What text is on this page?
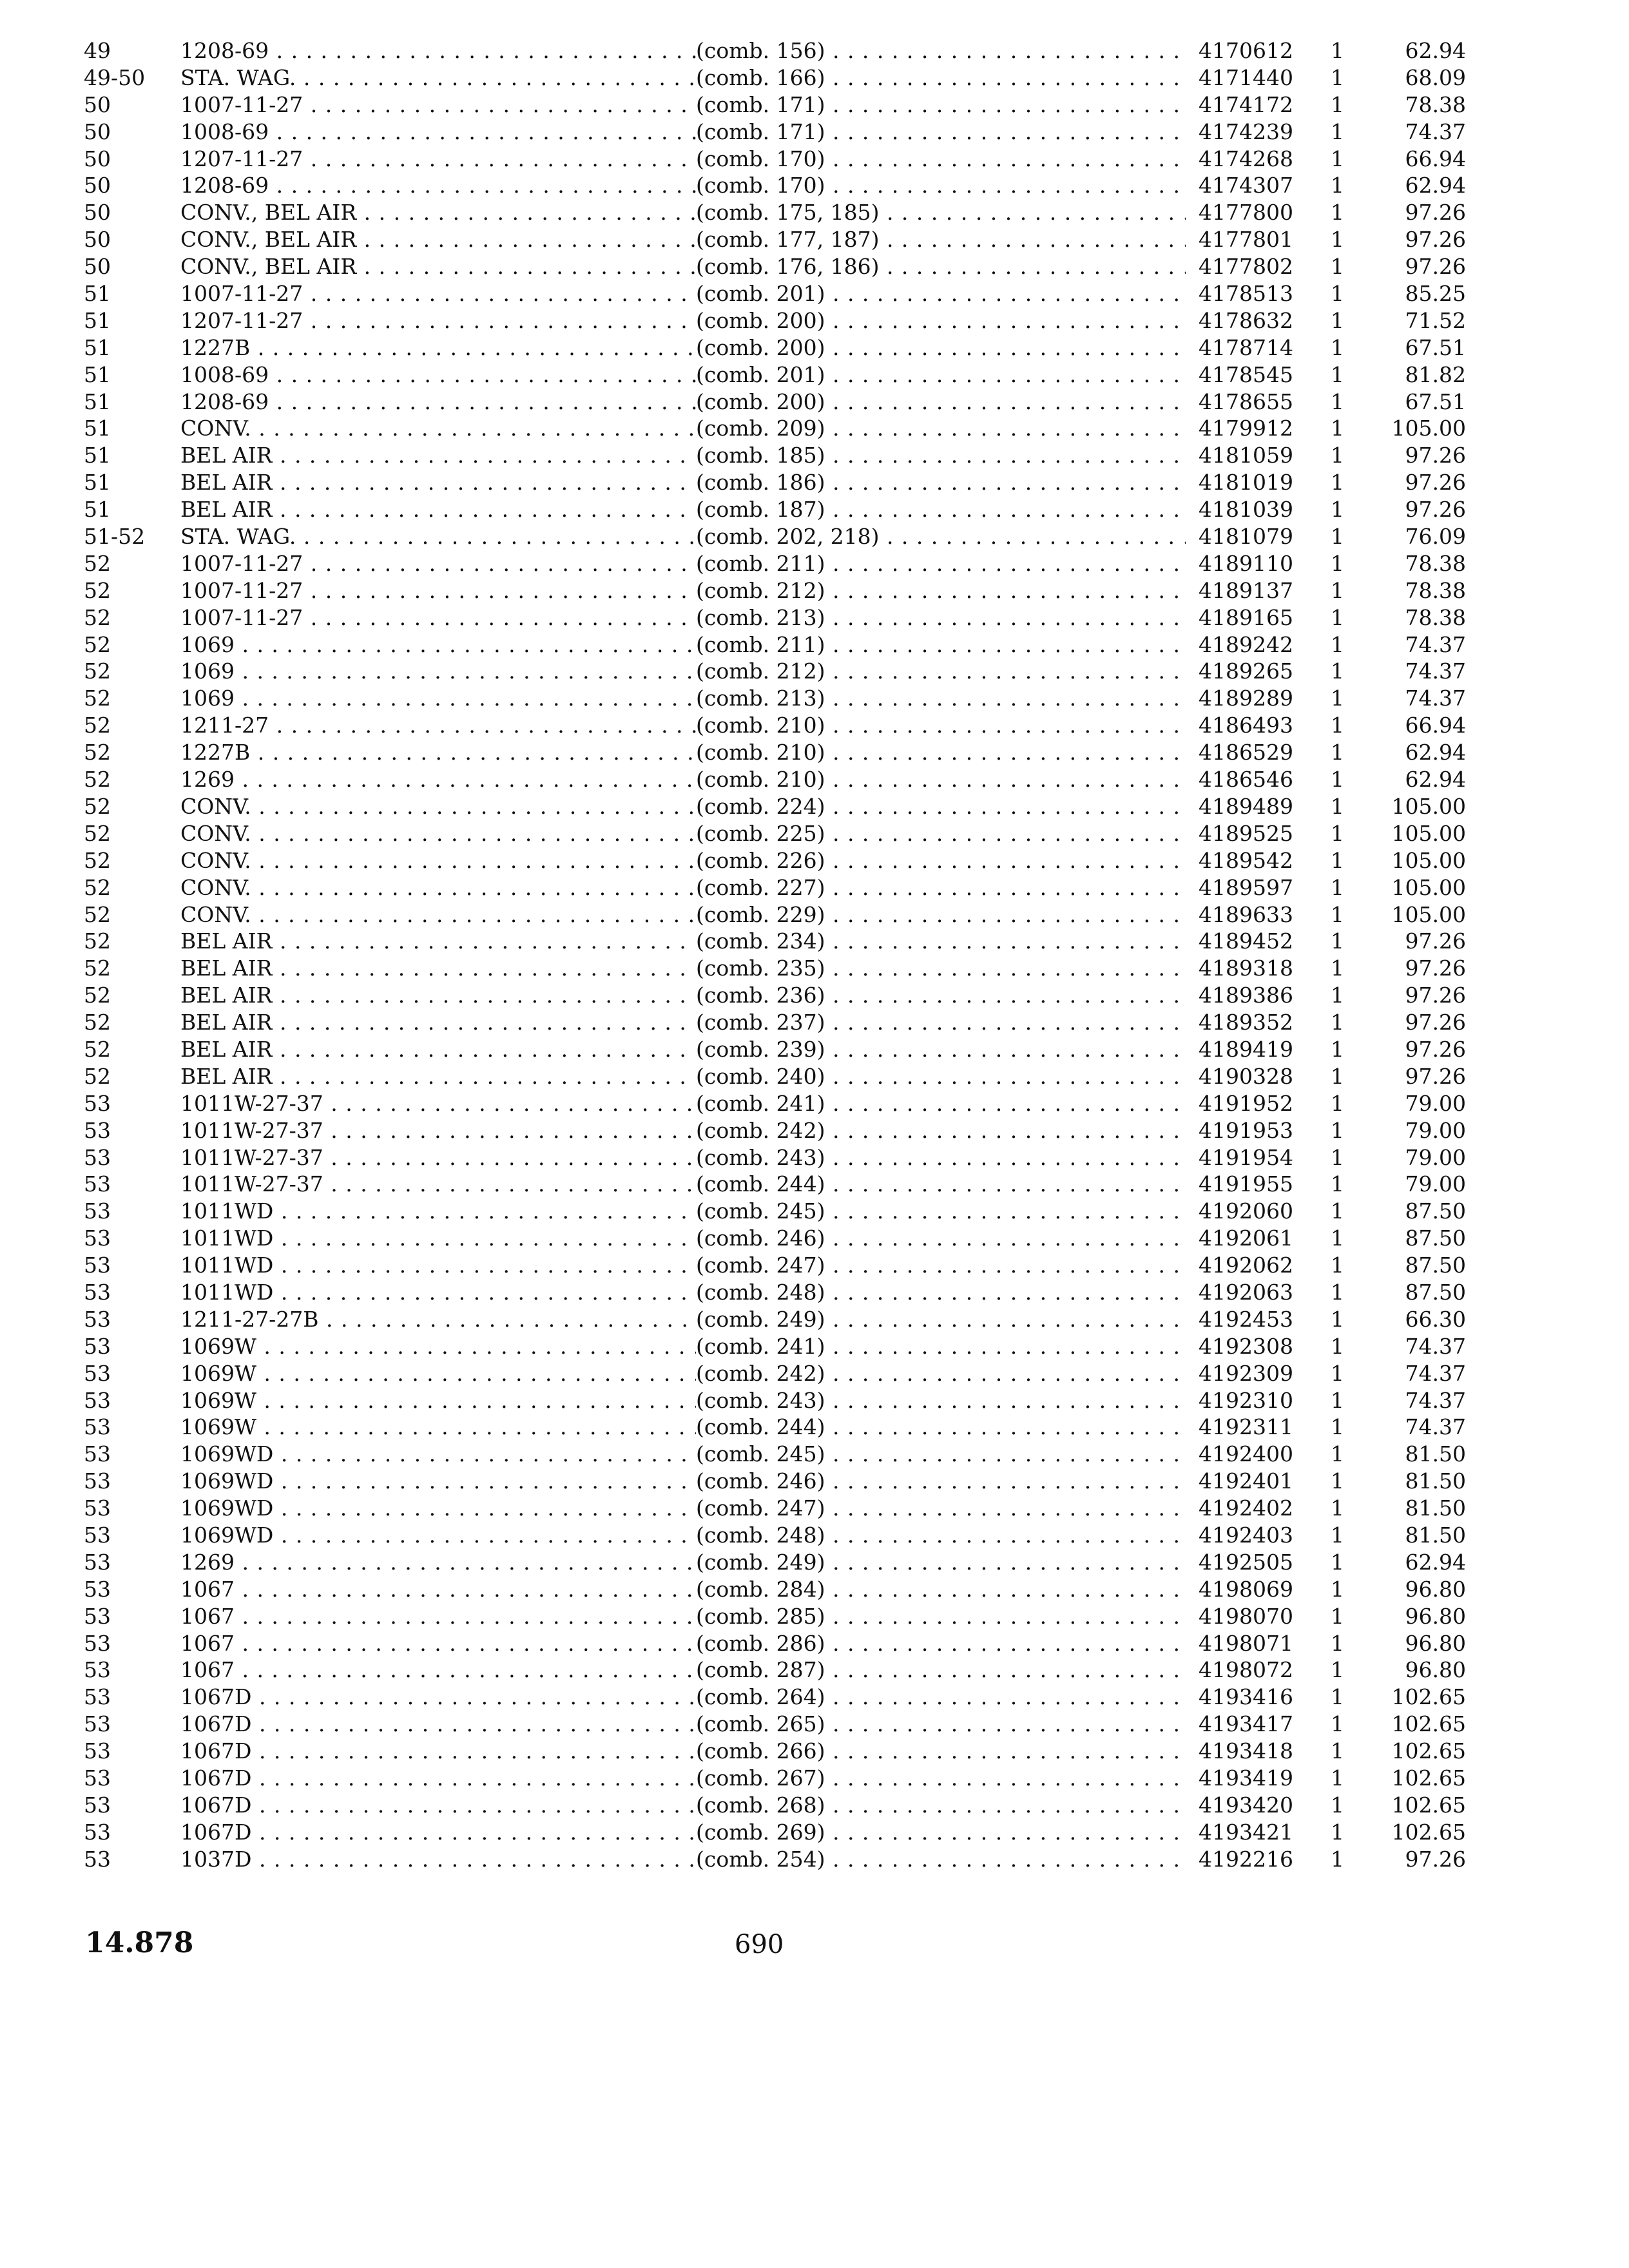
49	1208-69 . . .	(comb. 156) . . .	4170612	1	62.94
49-50	STA. WAG. . . .	(comb. 166) . . .	4171440	1	68.09
50	1007-11-27 . . .	(comb. 171) . . .	4174172	1	78.38
50	1008-69 . . .	(comb. 171) . . .	4174239	1	74.37
50	1207-11-27 . . .	(comb. 170) . . .	4174268	1	66.94
50	1208-69 . . .	(comb. 170) . . .	4174307	1	62.94
50	CONV., BEL AIR . . .	(comb. 175, 185) . . .	4177800	1	97.26
50	CONV., BEL AIR . . .	(comb. 177, 187) . . .	4177801	1	97.26
50	CONV., BEL AIR . . .	(comb. 176, 186) . . .	4177802	1	97.26
51	1007-11-27 . . .	(comb. 201) . . .	4178513	1	85.25
51	1207-11-27 . . .	(comb. 200) . . .	4178632	1	71.52
51	1227B . . .	(comb. 200) . . .	4178714	1	67.51
51	1008-69 . . .	(comb. 201) . . .	4178545	1	81.82
51	1208-69 . . .	(comb. 200) . . .	4178655	1	67.51
51	CONV. . . .	(comb. 209) . . .	4179912	1	105.00
51	BEL AIR . . .	(comb. 185) . . .	4181059	1	97.26
51	BEL AIR . . .	(comb. 186) . . .	4181019	1	97.26
51	BEL AIR . . .	(comb. 187) . . .	4181039	1	97.26
51-52	STA. WAG. . . .	(comb. 202, 218) . . .	4181079	1	76.09
52	1007-11-27 . . .	(comb. 211) . . .	4189110	1	78.38
52	1007-11-27 . . .	(comb. 212) . . .	4189137	1	78.38
52	1007-11-27 . . .	(comb. 213) . . .	4189165	1	78.38
52	1069 . . .	(comb. 211) . . .	4189242	1	74.37
52	1069 . . .	(comb. 212) . . .	4189265	1	74.37
52	1069 . . .	(comb. 213) . . .	4189289	1	74.37
52	1211-27 . . .	(comb. 210) . . .	4186493	1	66.94
52	1227B . . .	(comb. 210) . . .	4186529	1	62.94
52	1269 . . .	(comb. 210) . . .	4186546	1	62.94
52	CONV. . . .	(comb. 224) . . .	4189489	1	105.00
52	CONV. . . .	(comb. 225) . . .	4189525	1	105.00
52	CONV. . . .	(comb. 226) . . .	4189542	1	105.00
52	CONV. . . .	(comb. 227) . . .	4189597	1	105.00
52	CONV. . . .	(comb. 229) . . .	4189633	1	105.00
52	BEL AIR . . .	(comb. 234) . . .	4189452	1	97.26
52	BEL AIR . . .	(comb. 235) . . .	4189318	1	97.26
52	BEL AIR . . .	(comb. 236) . . .	4189386	1	97.26
52	BEL AIR . . .	(comb. 237) . . .	4189352	1	97.26
52	BEL AIR . . .	(comb. 239) . . .	4189419	1	97.26
52	BEL AIR . . .	(comb. 240) . . .	4190328	1	97.26
53	1011W-27-37 . . .	(comb. 241) . . .	4191952	1	79.00
53	1011W-27-37 . . .	(comb. 242) . . .	4191953	1	79.00
53	1011W-27-37 . . .	(comb. 243) . . .	4191954	1	79.00
53	1011W-27-37 . . .	(comb. 244) . . .	4191955	1	79.00
53	1011WD . . .	(comb. 245) . . .	4192060	1	87.50
53	1011WD . . .	(comb. 246) . . .	4192061	1	87.50
53	1011WD . . .	(comb. 247) . . .	4192062	1	87.50
53	1011WD . . .	(comb. 248) . . .	4192063	1	87.50
53	1211-27-27B . . .	(comb. 249) . . .	4192453	1	66.30
53	1069W . . .	(comb. 241) . . .	4192308	1	74.37
53	1069W . . .	(comb. 242) . . .	4192309	1	74.37
53	1069W . . .	(comb. 243) . . .	4192310	1	74.37
53	1069W . . .	(comb. 244) . . .	4192311	1	74.37
53	1069WD . . .	(comb. 245) . . .	4192400	1	81.50
53	1069WD . . .	(comb. 246) . . .	4192401	1	81.50
53	1069WD . . .	(comb. 247) . . .	4192402	1	81.50
53	1069WD . . .	(comb. 248) . . .	4192403	1	81.50
53	1269 . . .	(comb. 249) . . .	4192505	1	62.94
53	1067 . . .	(comb. 284) . . .	4198069	1	96.80
53	1067 . . .	(comb. 285) . . .	4198070	1	96.80
53	1067 . . .	(comb. 286) . . .	4198071	1	96.80
53	1067 . . .	(comb. 287) . . .	4198072	1	96.80
53	1067D . . .	(comb. 264) . . .	4193416	1	102.65
53	1067D . . .	(comb. 265) . . .	4193417	1	102.65
53	1067D . . .	(comb. 266) . . .	4193418	1	102.65
53	1067D . . .	(comb. 267) . . .	4193419	1	102.65
53	1067D . . .	(comb. 268) . . .	4193420	1	102.65
53	1067D . . .	(comb. 269) . . .	4193421	1	102.65
53	1037D . . .	(comb. 254) . . .	4192216	1	97.26
14.878	690
